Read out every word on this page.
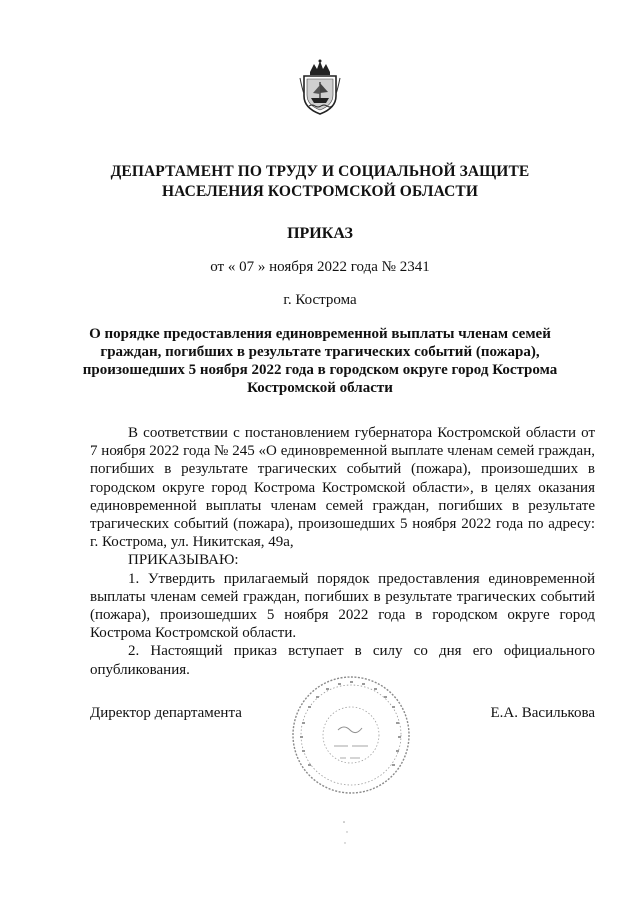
ДЕПАРТАМЕНТ ПО ТРУДУ И СОЦИАЛЬНОЙ ЗАЩИТЕ
НАСЕЛЕНИЯ КОСТРОМСКОЙ ОБЛАСТИ
ПРИКАЗ
от « 07 » ноября 2022 года № 2341
г. Кострома
О порядке предоставления единовременной выплаты членам семей
граждан, погибших в результате трагических событий (пожара),
произошедших 5 ноября 2022 года в городском округе город Кострома
Костромской области

В соответствии с постановлением губернатора Костромской области от 7 ноября 2022 года № 245 «О единовременной выплате членам семей граждан, погибших в результате трагических событий (пожара), произошедших в городском округе город Кострома Костромской области», в целях оказания единовременной выплаты членам семей граждан, погибших в результате трагических событий (пожара), произошедших 5 ноября 2022 года по адресу: г. Кострома, ул. Никитская, 49а,

ПРИКАЗЫВАЮ:

1. Утвердить прилагаемый порядок предоставления единовременной выплаты членам семей граждан, погибших в результате трагических событий (пожара), произошедших 5 ноября 2022 года в городском округе город Кострома Костромской области.

2. Настоящий приказ вступает в силу со дня его официального опубликования.

Директор департамента	Е.А. Василькова
